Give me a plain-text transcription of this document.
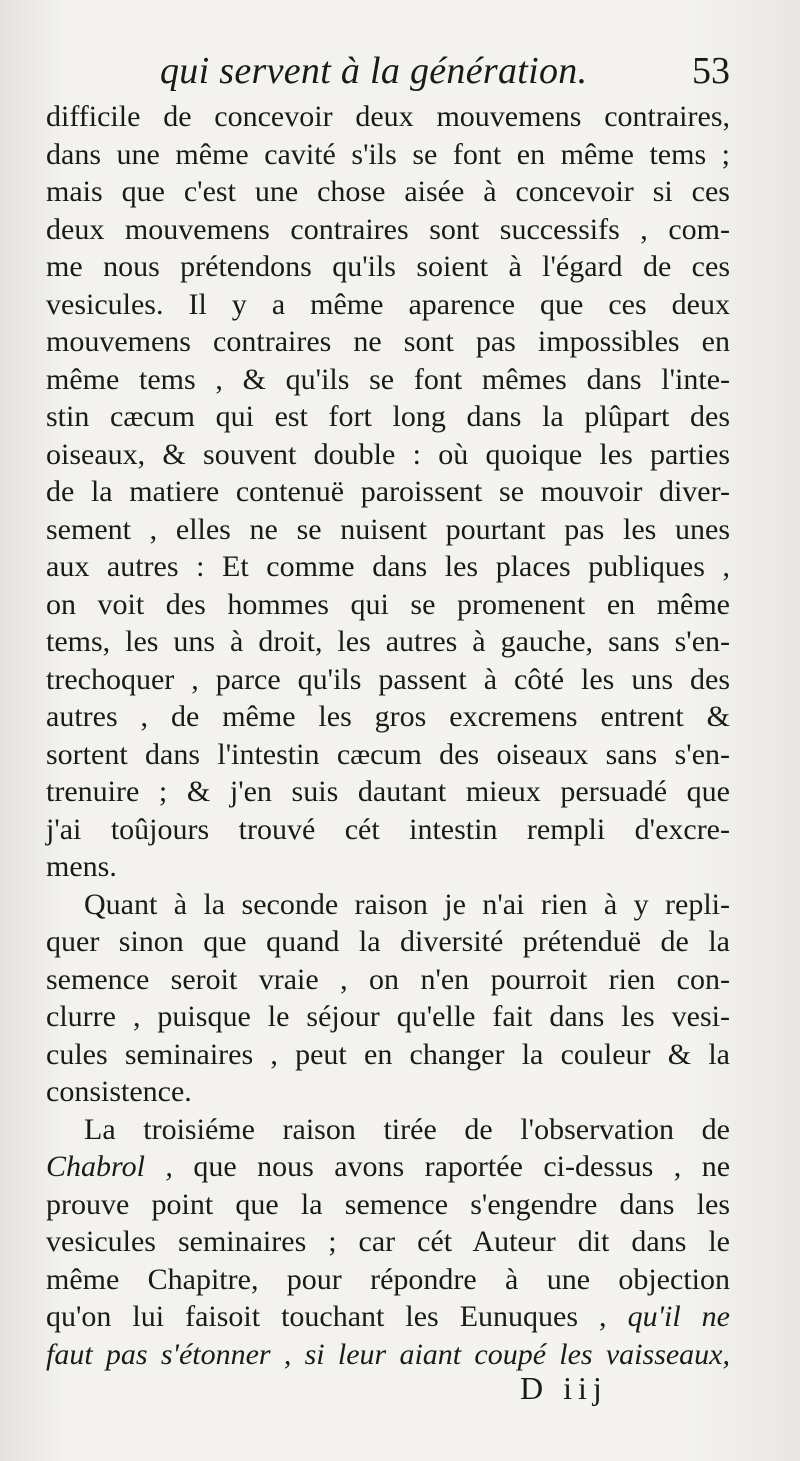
qui servent à la génération.	53
difficile de concevoir deux mouvemens contraires,
dans une même cavité s'ils se font en même tems ;
mais que c'est une chose aisée à concevoir si ces
deux mouvemens contraires sont successifs , com-
me nous prétendons qu'ils soient à l'égard de ces
vesicules. Il y a même aparence que ces deux
mouvemens contraires ne sont pas impossibles en
même tems , & qu'ils se font mêmes dans l'inte-
stin cæcum qui est fort long dans la plûpart des
oiseaux, & souvent double : où quoique les parties
de la matiere contenuë paroissent se mouvoir diver-
sement , elles ne se nuisent pourtant pas les unes
aux autres : Et comme dans les places publiques ,
on voit des hommes qui se promenent en même
tems, les uns à droit, les autres à gauche, sans s'en-
trechoquer , parce qu'ils passent à côté les uns des
autres , de même les gros excremens entrent &
sortent dans l'intestin cæcum des oiseaux sans s'en-
trenuire ; & j'en suis dautant mieux persuadé que
j'ai toûjours trouvé cét intestin rempli d'excre-
mens.
Quant à la seconde raison je n'ai rien à y repli-
quer sinon que quand la diversité prétenduë de la
semence seroit vraie , on n'en pourroit rien con-
clurre , puisque le séjour qu'elle fait dans les vesi-
cules seminaires , peut en changer la couleur & la
consistence.
La troisiéme raison tirée de l'observation de
Chabrol , que nous avons raportée ci-dessus , ne
prouve point que la semence s'engendre dans les
vesicules seminaires ; car cét Auteur dit dans le
même Chapitre, pour répondre à une objection
qu'on lui faisoit touchant les Eunuques , qu'il ne
faut pas s'étonner , si leur aiant coupé les vaisseaux,
D iij
